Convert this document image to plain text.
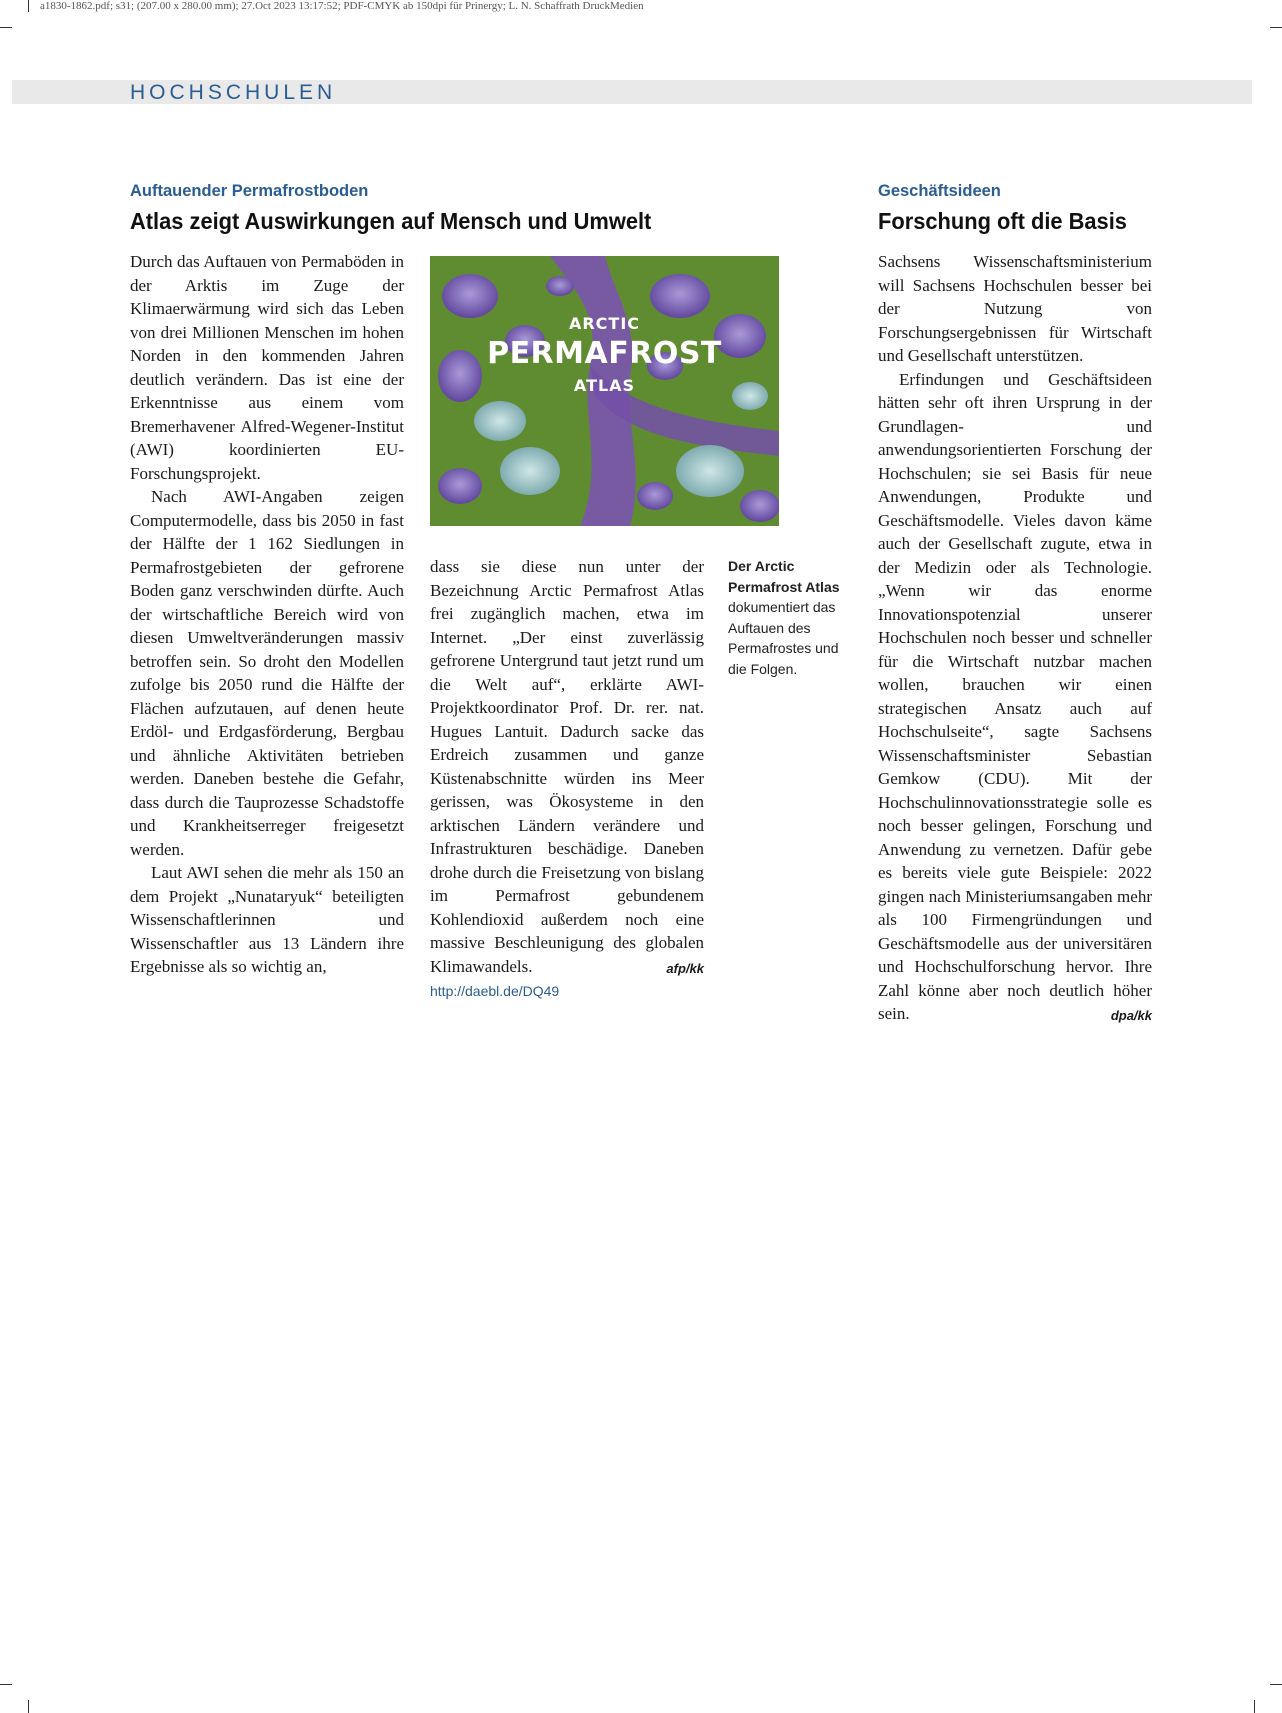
a1830-1862.pdf; s31; (207.00 x 280.00 mm); 27.Oct 2023 13:17:52; PDF-CMYK ab 150dpi für Prinergy; L. N. Schaffrath DruckMedien
HOCHSCHULEN
Auftauender Permafrostboden
Atlas zeigt Auswirkungen auf Mensch und Umwelt

Durch das Auftauen von Permaböden in der Arktis im Zuge der Klimaerwärmung wird sich das Leben von drei Millionen Menschen im hohen Norden in den kommenden Jahren deutlich verändern. Das ist eine der Erkenntnisse aus einem vom Bremerhavener Alfred-Wegener-Institut (AWI) koordinierten EU-Forschungsprojekt.

Nach AWI-Angaben zeigen Computermodelle, dass bis 2050 in fast der Hälfte der 1 162 Siedlungen in Permafrostgebieten der gefrorene Boden ganz verschwinden dürfte. Auch der wirtschaftliche Bereich wird von diesen Umweltveränderungen massiv betroffen sein. So droht den Modellen zufolge bis 2050 rund die Hälfte der Flächen aufzutauen, auf denen heute Erdöl- und Erdgasförderung, Bergbau und ähnliche Aktivitäten betrieben werden. Daneben bestehe die Gefahr, dass durch die Tauprozesse Schadstoffe und Krankheitserreger freigesetzt werden.

Laut AWI sehen die mehr als 150 an dem Projekt „Nunataryuk“ beteiligten Wissenschaftlerinnen und Wissenschaftler aus 13 Ländern ihre Ergebnisse als so wichtig an,

ARCTIC
PERMAFROST
ATLAS

dass sie diese nun unter der Bezeichnung Arctic Permafrost Atlas frei zugänglich machen, etwa im Internet. „Der einst zuverlässig gefrorene Untergrund taut jetzt rund um die Welt auf“, erklärte AWI-Projektkoordinator Prof. Dr. rer. nat. Hugues Lantuit. Dadurch sacke das Erdreich zusammen und ganze Küstenabschnitte würden ins Meer gerissen, was Ökosysteme in den arktischen Ländern verändere und Infrastrukturen beschädige. Daneben drohe durch die Freisetzung von bislang im Permafrost gebundenem Kohlendioxid außerdem noch eine massive Beschleunigung des globalen Klimawandels.	afp/kk

http://daebl.de/DQ49
Der Arctic Permafrost Atlas
dokumentiert das Auftauen des Permafrostes und die Folgen.
Geschäftsideen
Forschung oft die Basis

Sachsens Wissenschaftsministerium will Sachsens Hochschulen besser bei der Nutzung von Forschungsergebnissen für Wirtschaft und Gesellschaft unterstützen.

Erfindungen und Geschäftsideen hätten sehr oft ihren Ursprung in der Grundlagen- und anwendungsorientierten Forschung der Hochschulen; sie sei Basis für neue Anwendungen, Produkte und Geschäftsmodelle. Vieles davon käme auch der Gesellschaft zugute, etwa in der Medizin oder als Technologie. „Wenn wir das enorme Innovationspotenzial unserer Hochschulen noch besser und schneller für die Wirtschaft nutzbar machen wollen, brauchen wir einen strategischen Ansatz auch auf Hochschulseite“, sagte Sachsens Wissenschaftsminister Sebastian Gemkow (CDU). Mit der Hochschulinnovationsstrategie solle es noch besser gelingen, Forschung und Anwendung zu vernetzen. Dafür gebe es bereits viele gute Beispiele: 2022 gingen nach Ministeriumsangaben mehr als 100 Firmengründungen und Geschäftsmodelle aus der universitären und Hochschulforschung hervor. Ihre Zahl könne aber noch deutlich höher sein.	dpa/kk
